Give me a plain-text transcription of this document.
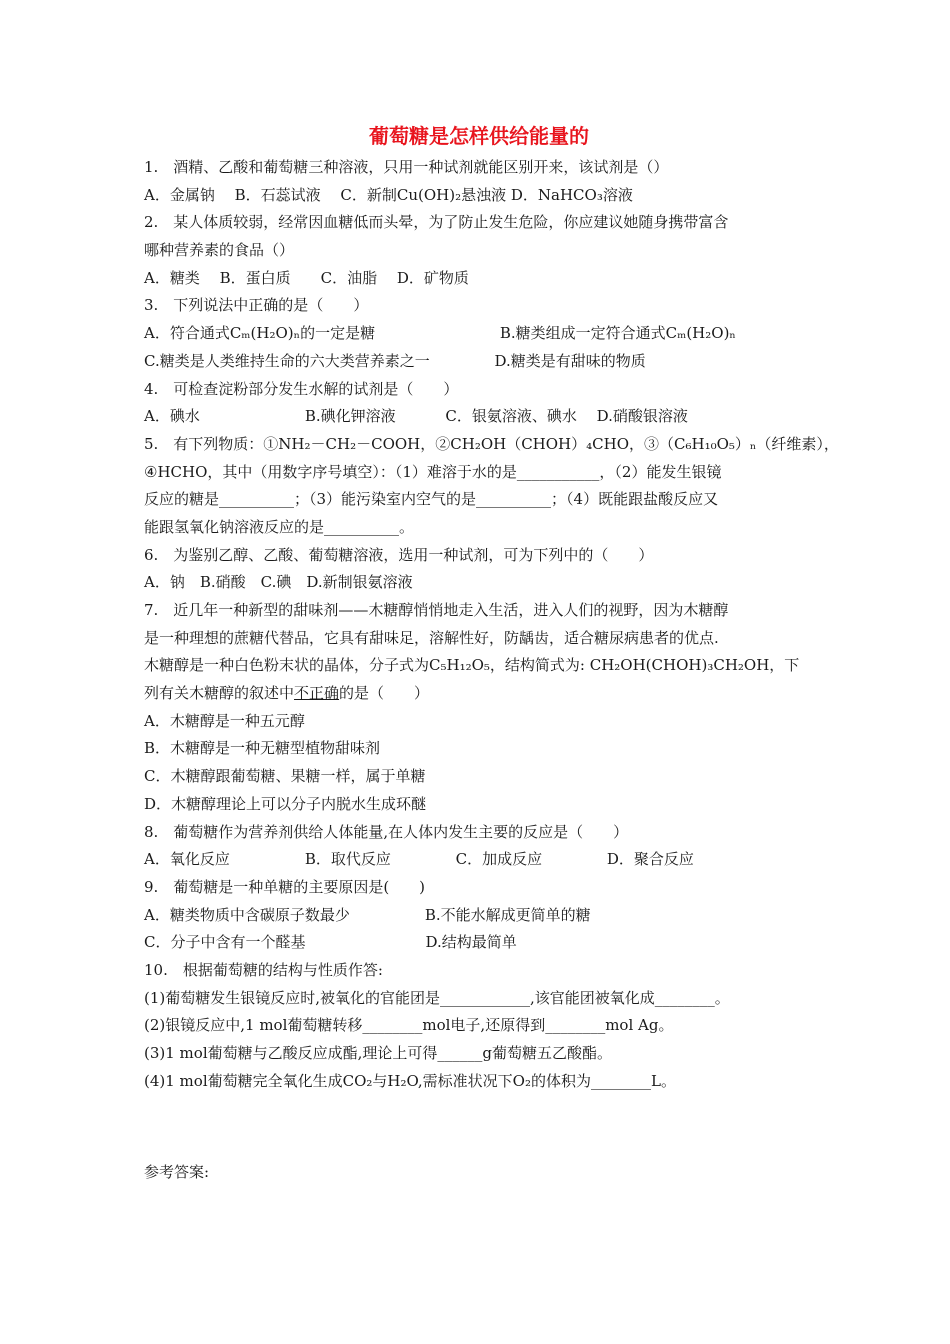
葡萄糖是怎样供给能量的

1.　酒精、乙酸和葡萄糖三种溶液，只用一种试剂就能区别开来，该试剂是（）

A．金属钠　 B．石蕊试液　 C．新制Cu(OH)₂悬浊液 D．NaHCO₃溶液

2.　某人体质较弱，经常因血糖低而头晕，为了防止发生危险，你应建议她随身携带富含

哪种营养素的食品（）

A．糖类　 B．蛋白质　　C．油脂　 D．矿物质

3.　下列说法中正确的是（　　）

A．符合通式Cₘ(H₂O)ₙ的一定是糖　　　　　　　　 B.糖类组成一定符合通式Cₘ(H₂O)ₙ

C.糖类是人类维持生命的六大类营养素之一　　　　 D.糖类是有甜味的物质

4.　可检查淀粉部分发生水解的试剂是（　　）

A．碘水　　　　　　　B.碘化钾溶液　　　 C．银氨溶液、碘水　 D.硝酸银溶液

5.　有下列物质：①NH₂－CH₂－COOH，②CH₂OH（CHOH）₄CHO，③（C₆H₁₀O₅）ₙ（纤维素），

④HCHO，其中（用数字序号填空）：（1）难溶于水的是___________，（2）能发生银镜

反应的糖是__________；（3）能污染室内空气的是__________；（4）既能跟盐酸反应又

能跟氢氧化钠溶液反应的是__________。

6.　为鉴别乙醇、乙酸、葡萄糖溶液，选用一种试剂，可为下列中的（　　）

A．钠　B.硝酸　C.碘　D.新制银氨溶液

7.　近几年一种新型的甜味剂——木糖醇悄悄地走入生活，进入人们的视野，因为木糖醇

是一种理想的蔗糖代替品，它具有甜味足，溶解性好，防龋齿，适合糖尿病患者的优点.

木糖醇是一种白色粉末状的晶体，分子式为C₅H₁₂O₅，结构简式为: CH₂OH(CHOH)₃CH₂OH，下

列有关木糖醇的叙述中不正确的是（　　）

A．木糖醇是一种五元醇

B．木糖醇是一种无糖型植物甜味剂

C．木糖醇跟葡萄糖、果糖一样，属于单糖

D．木糖醇理论上可以分子内脱水生成环醚

8.　葡萄糖作为营养剂供给人体能量,在人体内发生主要的反应是（　　）

A．氧化反应　　　　　B．取代反应　　　　 C．加成反应　　　　 D．聚合反应

9.　葡萄糖是一种单糖的主要原因是(　　)

A．糖类物质中含碳原子数最少　　　　　B.不能水解成更简单的糖

C．分子中含有一个醛基　　　　　　　　D.结构最简单

10.　根据葡萄糖的结构与性质作答:

(1)葡萄糖发生银镜反应时,被氧化的官能团是____________,该官能团被氧化成________。

(2)银镜反应中,1 mol葡萄糖转移________mol电子,还原得到________mol Ag。

(3)1 mol葡萄糖与乙酸反应成酯,理论上可得______g葡萄糖五乙酸酯。

(4)1 mol葡萄糖完全氧化生成CO₂与H₂O,需标准状况下O₂的体积为________L。

参考答案:
